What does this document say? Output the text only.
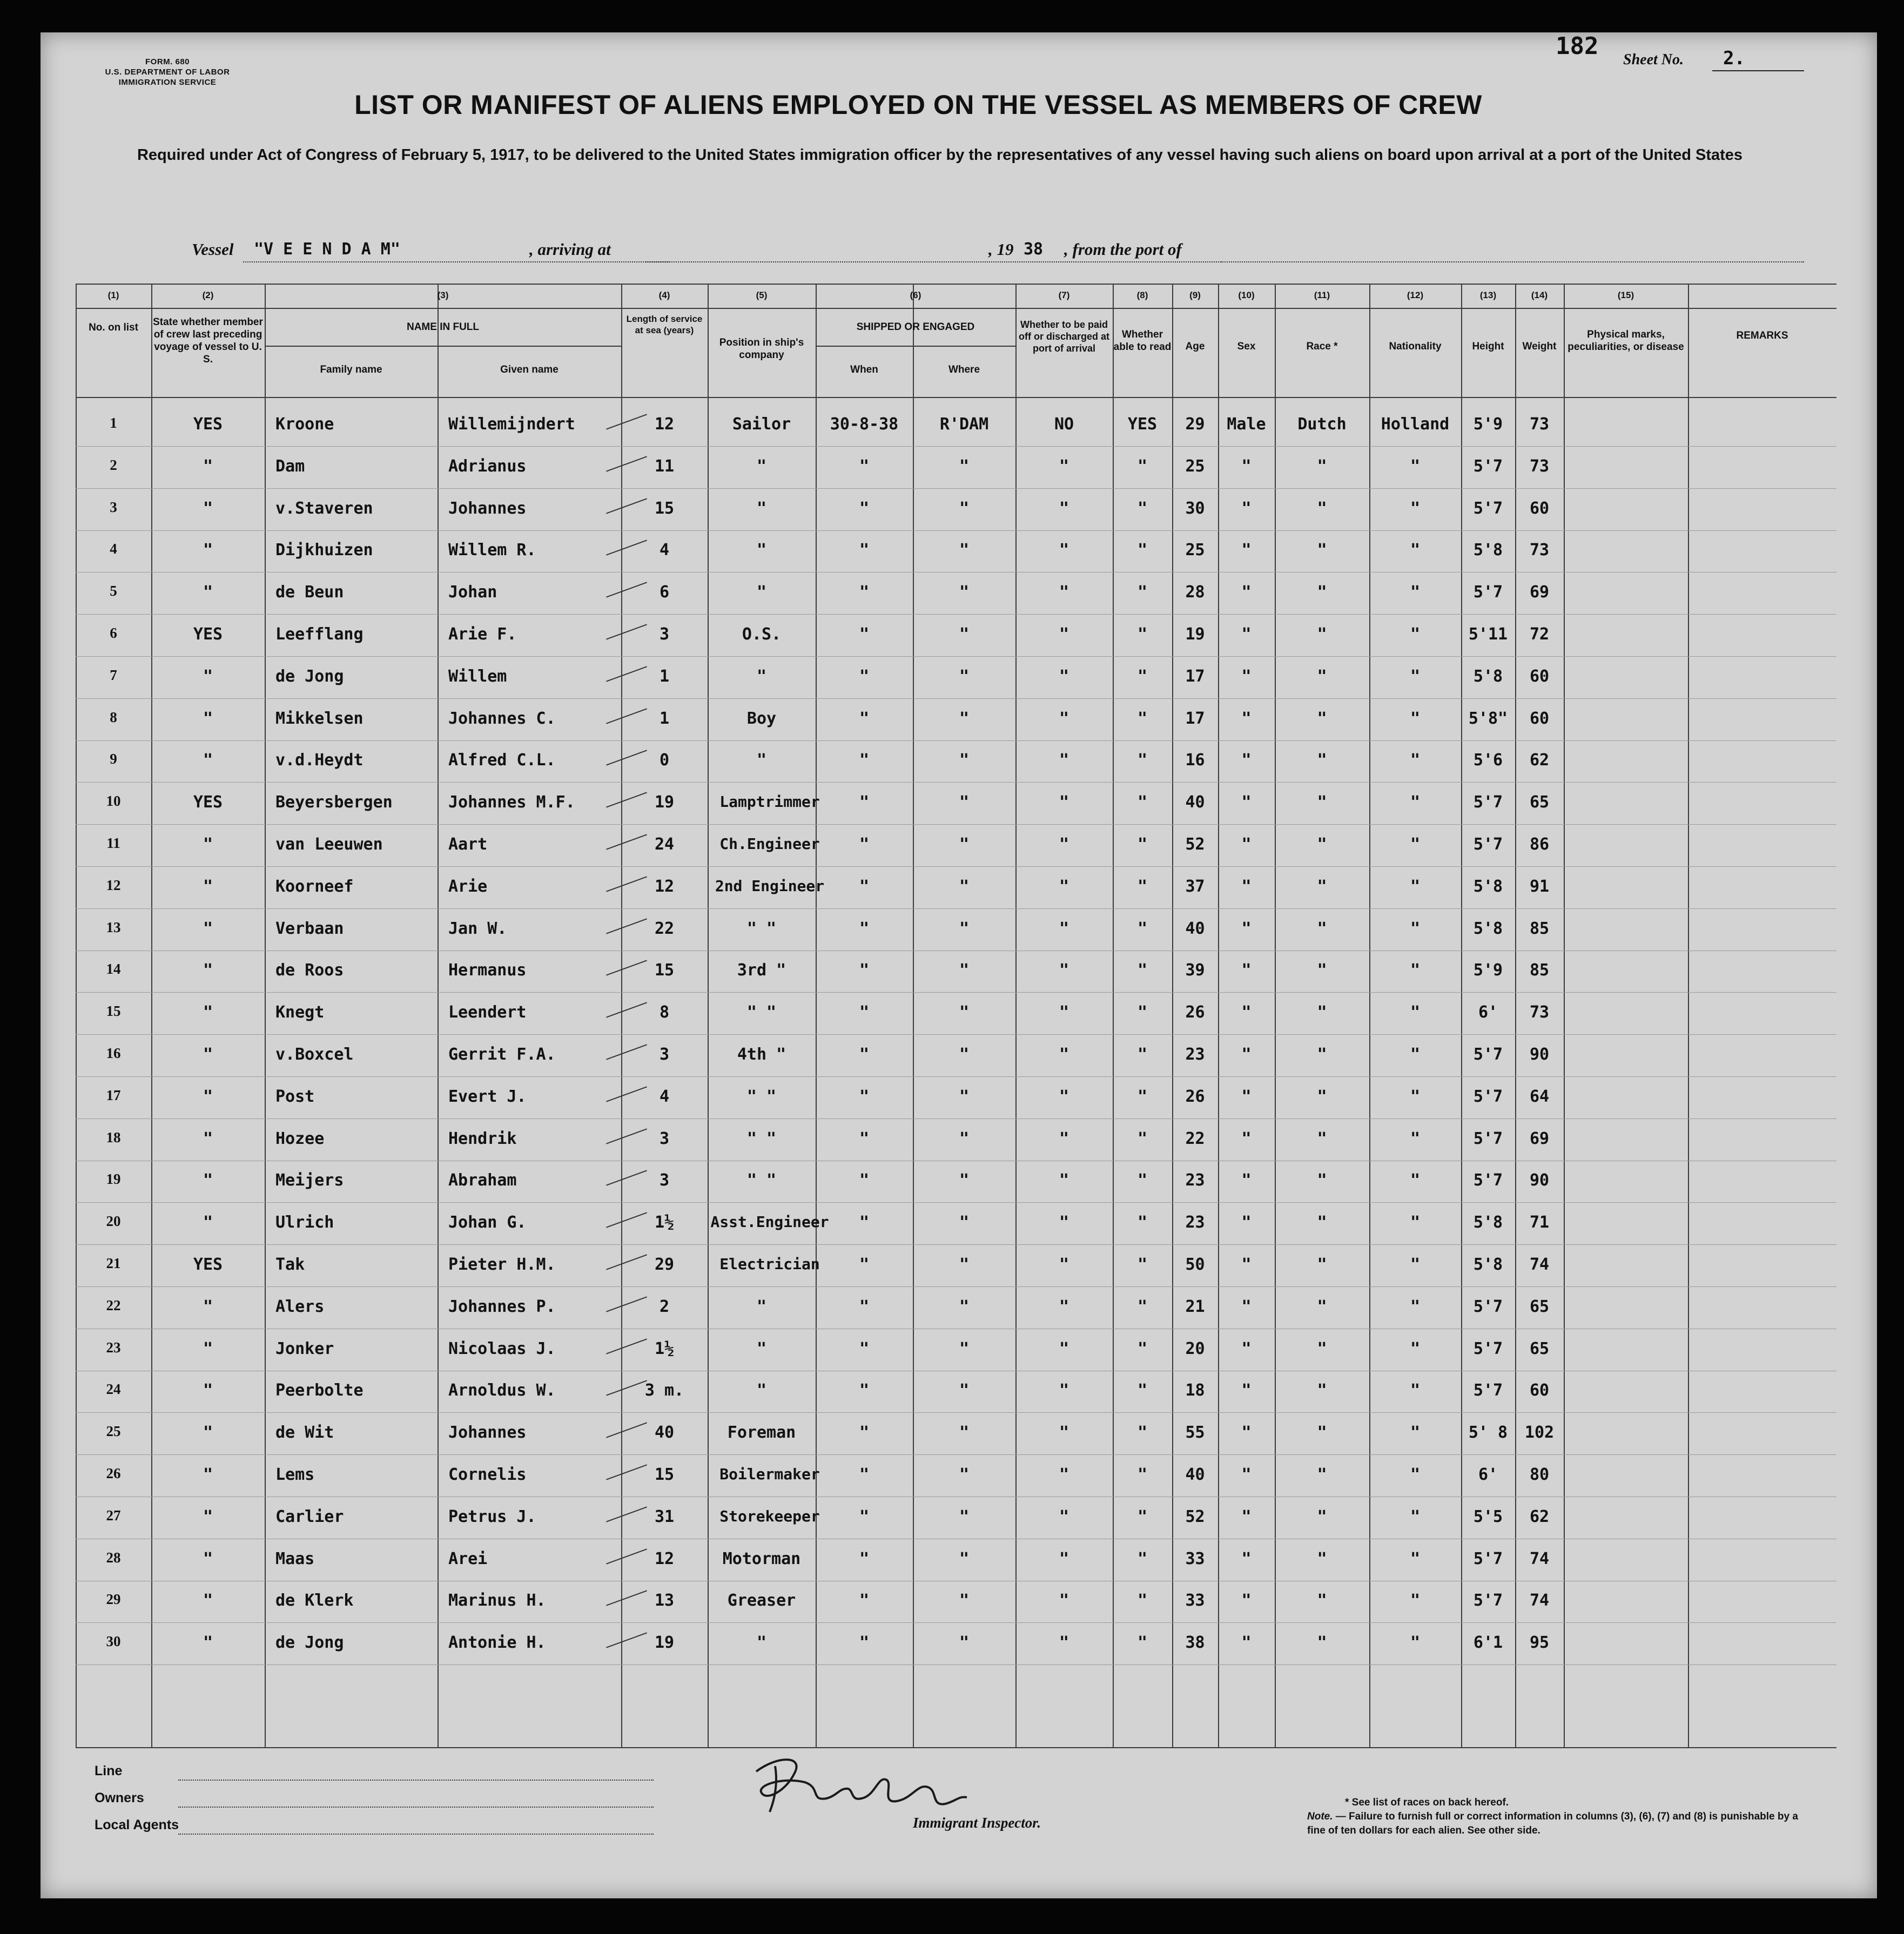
FORM. 680
U.S. DEPARTMENT OF LABOR
IMMIGRATION SERVICE
182 Sheet No. 2.
LIST OR MANIFEST OF ALIENS EMPLOYED ON THE VESSEL AS MEMBERS OF CREW
Required under Act of Congress of February 5, 1917, to be delivered to the United States immigration officer by the representatives of any vessel having such aliens on board upon arrival at a port of the United States
Vessel "V E E N D A M"	, arriving at	, 19 38 , from the port of
(1)	(2)	(3)	(4)	(5)	(6)	(7)	(8)	(9)	(10)	(11)	(12)	(13)	(14)	(15)
No. on list	State whether member of crew last preceding voyage of vessel to U. S.
NAME IN FULL
Family name	Given name
Length of service at sea (years)
Position in ship's company
SHIPPED OR ENGAGED
When	Where
Whether to be paid off or discharged at port of arrival
Whether able to read	Age	Sex	Race *	Nationality	Height	Weight
Physical marks, peculiarities, or disease
REMARKS
1	YES	Kroone	Willemijndert	12	Sailor	30-8-38	R'DAM	NO	YES	29	Male	Dutch	Holland	5'9	73
2	"	Dam	Adrianus	11	"	"	"	"	"	25	"	"	"	5'7	73
3	"	v.Staveren	Johannes	15	"	"	"	"	"	30	"	"	"	5'7	60
4	"	Dijkhuizen	Willem R.	4	"	"	"	"	"	25	"	"	"	5'8	73
5	"	de Beun	Johan	6	"	"	"	"	"	28	"	"	"	5'7	69
6	YES	Leefflang	Arie F.	3	O.S.	"	"	"	"	19	"	"	"	5'11	72
7	"	de Jong	Willem	1	"	"	"	"	"	17	"	"	"	5'8	60
8	"	Mikkelsen	Johannes C.	1	Boy	"	"	"	"	17	"	"	"	5'8"	60
9	"	v.d.Heydt	Alfred C.L.	0	"	"	"	"	"	16	"	"	"	5'6	62
10	YES	Beyersbergen	Johannes M.F.	19	Lamptrimmer	"	"	"	"	40	"	"	"	5'7	65
11	"	van Leeuwen	Aart	24	Ch.Engineer	"	"	"	"	52	"	"	"	5'7	86
12	"	Koorneef	Arie	12	2nd Engineer	"	"	"	"	37	"	"	"	5'8	91
13	"	Verbaan	Jan W.	22	" "	"	"	"	"	40	"	"	"	5'8	85
14	"	de Roos	Hermanus	15	3rd "	"	"	"	"	39	"	"	"	5'9	85
15	"	Knegt	Leendert	8	" "	"	"	"	"	26	"	"	"	6'	73
16	"	v.Boxcel	Gerrit F.A.	3	4th "	"	"	"	"	23	"	"	"	5'7	90
17	"	Post	Evert J.	4	" "	"	"	"	"	26	"	"	"	5'7	64
18	"	Hozee	Hendrik	3	" "	"	"	"	"	22	"	"	"	5'7	69
19	"	Meijers	Abraham	3	" "	"	"	"	"	23	"	"	"	5'7	90
20	"	Ulrich	Johan G.	1½	Asst.Engineer	"	"	"	"	23	"	"	"	5'8	71
21	YES	Tak	Pieter H.M.	29	Electrician	"	"	"	"	50	"	"	"	5'8	74
22	"	Alers	Johannes P.	2	"	"	"	"	"	21	"	"	"	5'7	65
23	"	Jonker	Nicolaas J.	1½	"	"	"	"	"	20	"	"	"	5'7	65
24	"	Peerbolte	Arnoldus W.	3 m.	"	"	"	"	"	18	"	"	"	5'7	60
25	"	de Wit	Johannes	40	Foreman	"	"	"	"	55	"	"	"	5' 8	102
26	"	Lems	Cornelis	15	Boilermaker	"	"	"	"	40	"	"	"	6'	80
27	"	Carlier	Petrus J.	31	Storekeeper	"	"	"	"	52	"	"	"	5'5	62
28	"	Maas	Arei	12	Motorman	"	"	"	"	33	"	"	"	5'7	74
29	"	de Klerk	Marinus H.	13	Greaser	"	"	"	"	33	"	"	"	5'7	74
30	"	de Jong	Antonie H.	19	"	"	"	"	"	38	"	"	"	6'1	95
Line
Owners
Local Agents	Immigrant Inspector.
* See list of races on back hereof.
Note. — Failure to furnish full or correct information in columns (3), (6), (7) and (8) is punishable by a fine of ten dollars for each alien. See other side.
